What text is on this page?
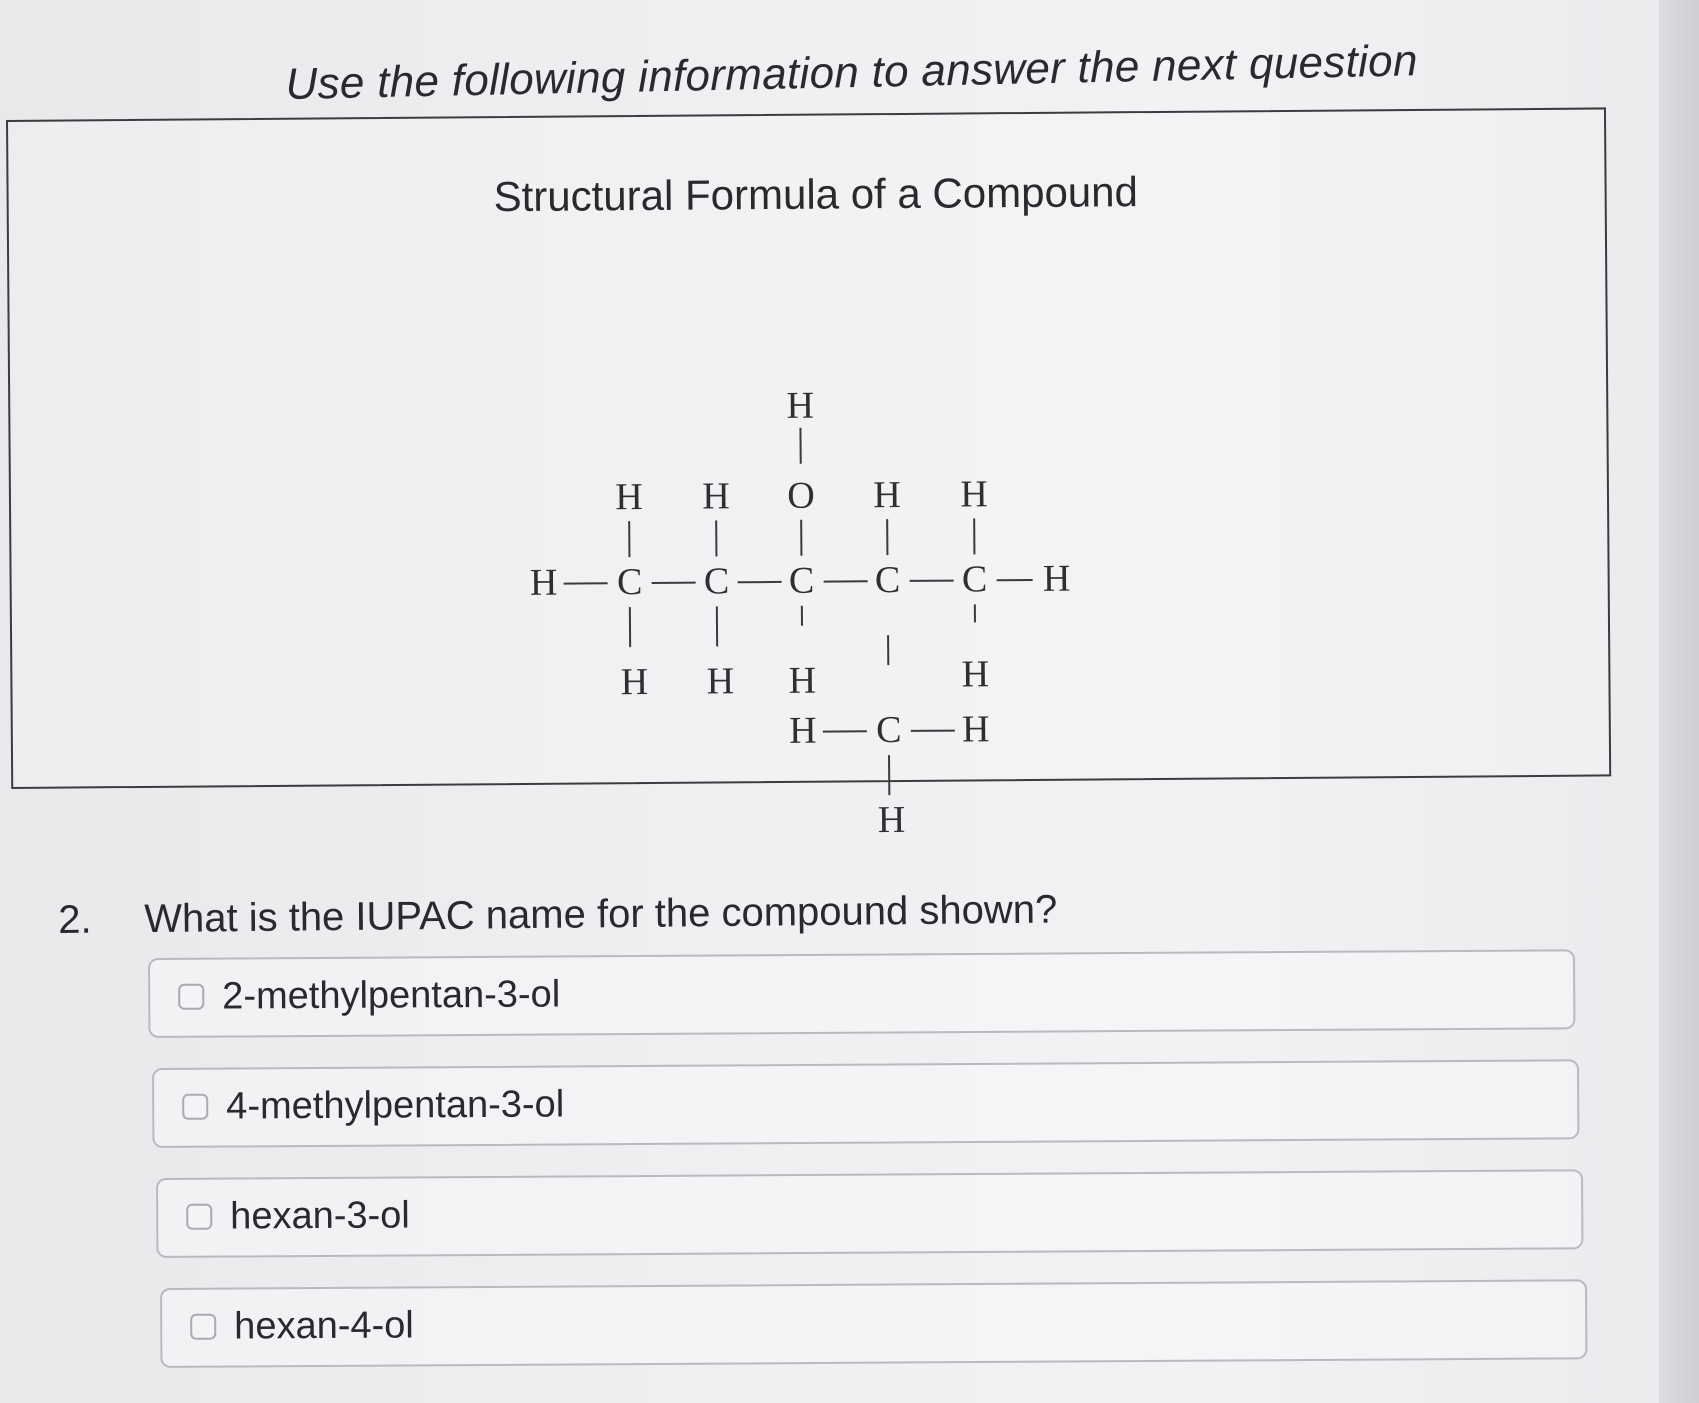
Use the following information to answer the next question
Structural Formula of a Compound
H
H H O H H
H C C C C C H
H H H	H
H C H
H
2. What is the IUPAC name for the compound shown?
2-methylpentan-3-ol
4-methylpentan-3-ol
hexan-3-ol
hexan-4-ol
